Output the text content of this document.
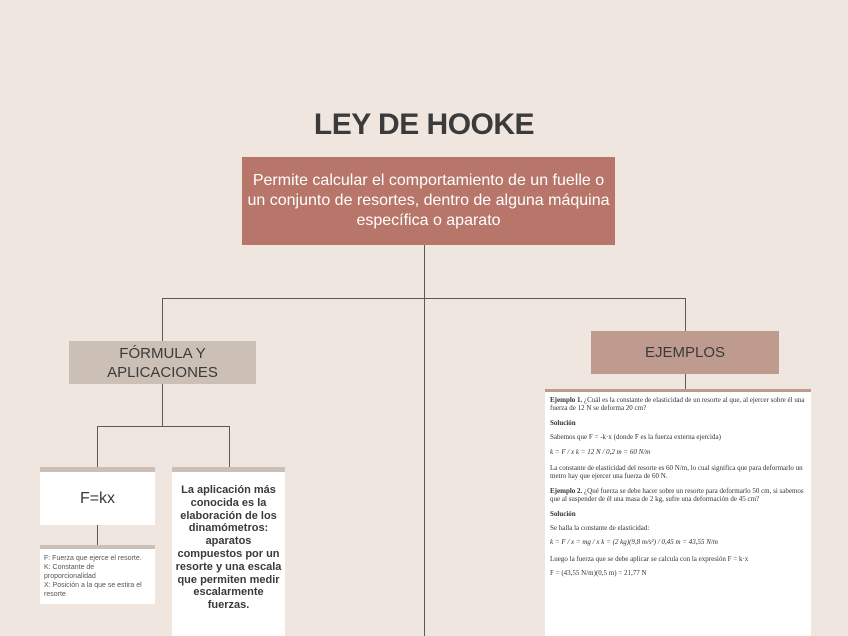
LEY DE HOOKE
Permite calcular el comportamiento de un fuelle o un conjunto de resortes, dentro de alguna máquina específica o aparato
FÓRMULA Y
APLICACIONES
EJEMPLOS
F=kx
F: Fuerza que ejerce el resorte.
K: Constante de
proporcionalidad
X: Posición a la que se estira el
resorte
La aplicación más conocida es la elaboración de los dinamómetros: aparatos compuestos por un resorte y una escala que permiten medir escalarmente fuerzas.

Ejemplo 1. ¿Cuál es la constante de elasticidad de un resorte al que, al ejercer sobre él una fuerza de 12 N se deforma 20 cm?

Solución

Sabemos que F = -k·x (donde F es la fuerza externa ejercida)

k = F / x k = 12 N / 0,2 m = 60 N/m

La constante de elasticidad del resorte es 60 N/m, lo cual significa que para deformarlo un metro hay que ejercer una fuerza de 60 N.

Ejemplo 2. ¿Qué fuerza se debe hacer sobre un resorte para deformarlo 50 cm, si sabemos que al suspender de él una masa de 2 kg, sufre una deformación de 45 cm?

Solución

Se halla la constante de elasticidad:

k = F / x = mg / x k = (2 kg)(9,8 m/s²) / 0,45 m = 43,55 N/m

Luego la fuerza que se debe aplicar se calcula con la expresión F = k·x

F = (43,55 N/m)(0,5 m) = 21,77 N
